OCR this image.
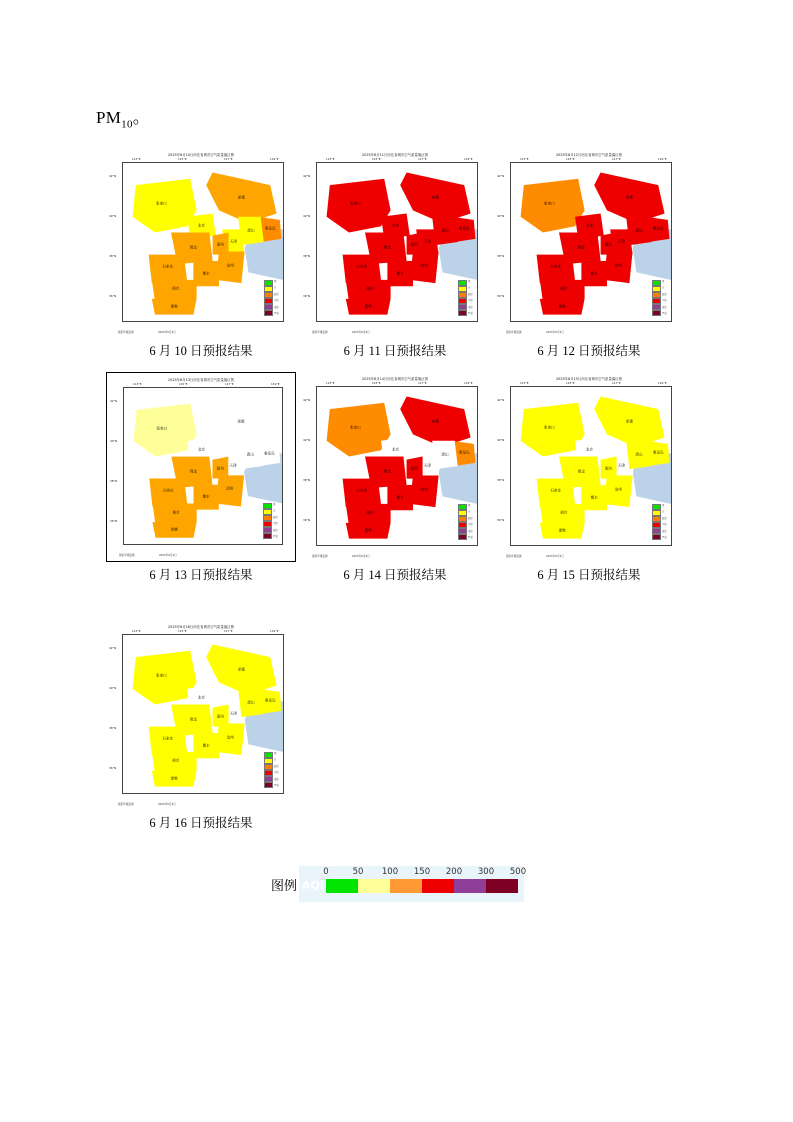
$PM_{10}$。
2025年6月10日河北省城市空气质量落区图
张家口
承德
秦皇岛
北京
天津
唐山
廊坊
保定
沧州
石家庄
衡水
邢台
邯郸
113°E	115°E	117°E	119°E
42°N
40°N
38°N
36°N
优
良
轻度
中度
重度
严重
国家环境监测	2025年6月9日
6 月 10 日预报结果
2025年6月11日河北省城市空气质量落区图
张家口
承德
秦皇岛
北京
天津
唐山
廊坊
保定
沧州
石家庄
衡水
邢台
邯郸
113°E	115°E	117°E	119°E
42°N
40°N
38°N
36°N
优
良
轻度
中度
重度
严重
国家环境监测	2025年6月9日
6 月 11 日预报结果
2025年6月12日河北省城市空气质量落区图
张家口
承德
秦皇岛
北京
天津
唐山
廊坊
保定
沧州
石家庄
衡水
邢台
邯郸
113°E	115°E	117°E	119°E
42°N
40°N
38°N
36°N
优
良
轻度
中度
重度
严重
国家环境监测	2025年6月9日
6 月 12 日预报结果
2025年6月13日河北省城市空气质量落区图
张家口
承德
秦皇岛
北京
天津
唐山
廊坊
保定
沧州
石家庄
衡水
邢台
邯郸
113°E	115°E	117°E	119°E
42°N
40°N
38°N
36°N
优
良
轻度
中度
重度
严重
国家环境监测	2025年6月9日
6 月 13 日预报结果
2025年6月14日河北省城市空气质量落区图
张家口
承德
秦皇岛
北京
天津
唐山
廊坊
保定
沧州
石家庄
衡水
邢台
邯郸
113°E	115°E	117°E	119°E
42°N
40°N
38°N
36°N
优
良
轻度
中度
重度
严重
国家环境监测	2025年6月9日
6 月 14 日预报结果
2025年6月15日河北省城市空气质量落区图
张家口
承德
秦皇岛
北京
天津
唐山
廊坊
保定
沧州
石家庄
衡水
邢台
邯郸
113°E	115°E	117°E	119°E
42°N
40°N
38°N
36°N
优
良
轻度
中度
重度
严重
国家环境监测	2025年6月9日
6 月 15 日预报结果
2025年6月16日河北省城市空气质量落区图
张家口
承德
秦皇岛
北京
天津
唐山
廊坊
保定
沧州
石家庄
衡水
邢台
邯郸
113°E	115°E	117°E	119°E
42°N
40°N
38°N
36°N
优
良
轻度
中度
重度
严重
国家环境监测	2025年6月9日
6 月 16 日预报结果
图例 AQI
0	50 100 150 200 300 500
